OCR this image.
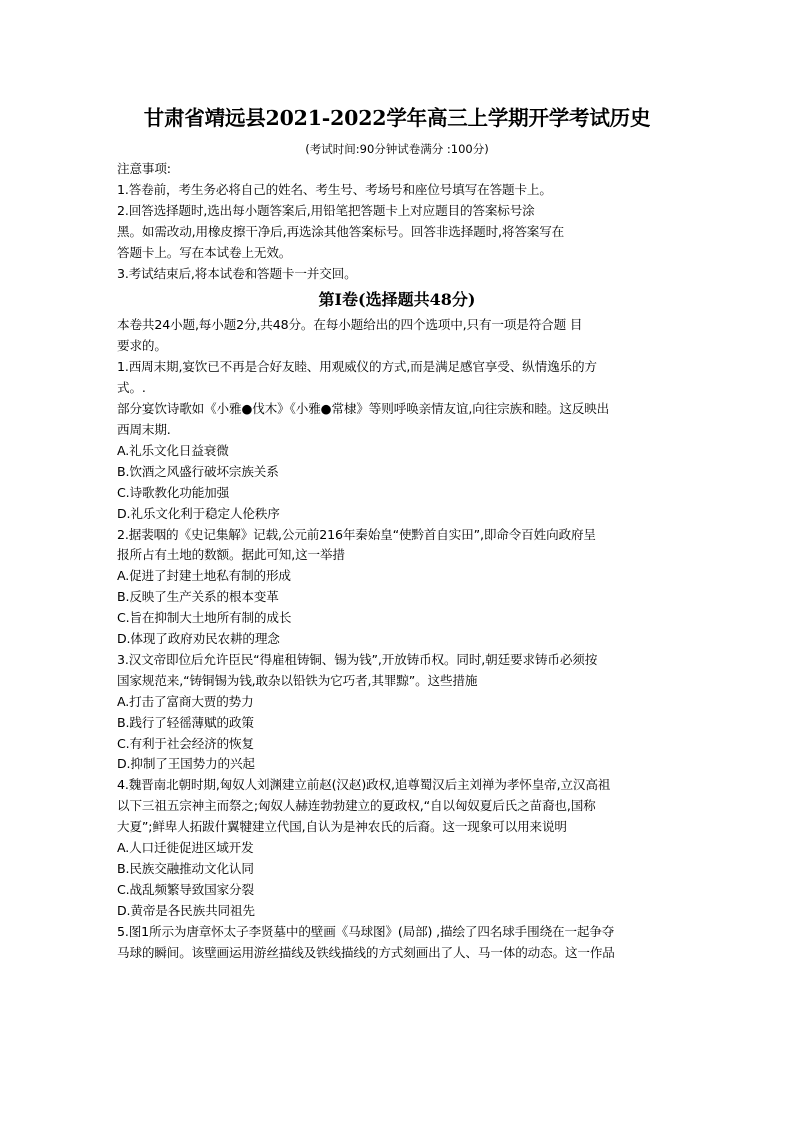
甘肃省靖远县2021-2022学年高三上学期开学考试历史
(考试时间:90分钟试卷满分 :100分)
注意事项:
1.答卷前，考生务必将自己的姓名、考生号、考场号和座位号填写在答题卡上。
2.回答选择题时,选出每小题答案后,用铅笔把答题卡上对应题目的答案标号涂
黑。如需改动,用橡皮擦干净后,再选涂其他答案标号。回答非选择题时,将答案写在
答题卡上。写在本试卷上无效。
3.考试结束后,将本试卷和答题卡一并交回。
第Ⅰ卷(选择题共48分)
本卷共24小题,每小题2分,共48分。在每小题给出的四个选项中,只有一项是符合题 目
要求的。
1.西周末期,宴饮已不再是合好友睦、用观威仪的方式,而是满足感官享受、纵情逸乐的方
式。.
部分宴饮诗歌如《小雅●伐木》《小雅●常棣》等则呼唤亲情友谊,向往宗族和睦。这反映出
西周末期.
A.礼乐文化日益衰微
B.饮酒之风盛行破坏宗族关系
C.诗歌教化功能加强
D.礼乐文化利于稳定人伦秩序
2.据裴咽的《史记集解》记载,公元前216年秦始皇“使黔首自实田”,即命令百姓向政府呈
报所占有土地的数额。据此可知,这一举措
A.促进了封建土地私有制的形成
B.反映了生产关系的根本变革
C.旨在抑制大土地所有制的成长
D.体现了政府劝民农耕的理念
3.汉文帝即位后允许臣民“得雇租铸铜、锡为钱”,开放铸币权。同时,朝廷要求铸币必须按
国家规范来,“铸铜锡为钱,敢杂以铅铁为它巧者,其罪黥”。这些措施
A.打击了富商大贾的势力
B.践行了轻徭薄赋的政策
C.有利于社会经济的恢复
D.抑制了王国势力的兴起
4.魏晋南北朝时期,匈奴人刘渊建立前赵(汉赵)政权,追尊蜀汉后主刘禅为孝怀皇帝,立汉高祖
以下三祖五宗神主而祭之;匈奴人赫连勃勃建立的夏政权,“自以匈奴夏后氏之苗裔也,国称
大夏”;鲜卑人拓跋什翼犍建立代国,自认为是神农氏的后裔。这一现象可以用来说明
A.人口迁徙促进区域开发
B.民族交融推动文化认同
C.战乱频繁导致国家分裂
D.黄帝是各民族共同祖先
5.图1所示为唐章怀太子李贤墓中的壁画《马球图》(局部) ,描绘了四名球手围绕在一起争夺
马球的瞬间。该壁画运用游丝描线及铁线描线的方式刻画出了人、马一体的动态。这一作品
